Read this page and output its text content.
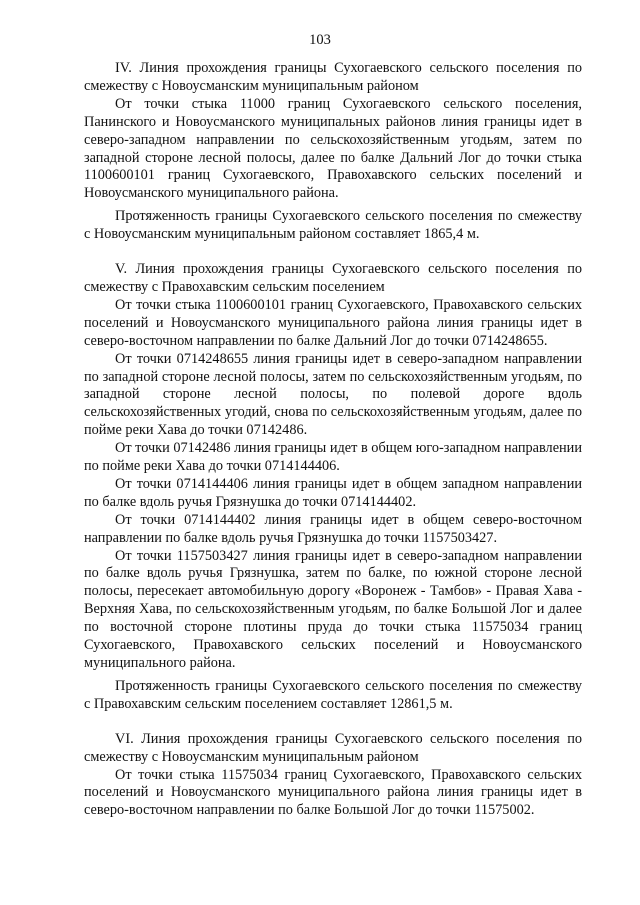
103

IV. Линия прохождения границы Сухогаевского сельского поселения по смежеству с Новоусманским муниципальным районом

От точки стыка 11000 границ Сухогаевского сельского поселения, Панинского и Новоусманского муниципальных районов линия границы идет в северо-западном направлении по сельскохозяйственным угодьям, затем по западной стороне лесной полосы, далее по балке Дальний Лог до точки стыка 1100600101 границ Сухогаевского, Правохавского сельских поселений и Новоусманского муниципального района.

Протяженность границы Сухогаевского сельского поселения по смежеству с Новоусманским муниципальным районом составляет 1865,4 м.

V. Линия прохождения границы Сухогаевского сельского поселения по смежеству с Правохавским сельским поселением

От точки стыка 1100600101 границ Сухогаевского, Правохавского сельских поселений и Новоусманского муниципального района линия границы идет в северо-восточном направлении по балке Дальний Лог до точки 0714248655.

От точки 0714248655 линия границы идет в северо-западном направлении по западной стороне лесной полосы, затем по сельскохозяйственным угодьям, по западной стороне лесной полосы, по полевой дороге вдоль сельскохозяйственных угодий, снова по сельскохозяйственным угодьям, далее по пойме реки Хава до точки 07142486.

От точки 07142486 линия границы идет в общем юго-западном направлении по пойме реки Хава до точки 0714144406.

От точки 0714144406 линия границы идет в общем западном направлении по балке вдоль ручья Грязнушка до точки 0714144402.

От точки 0714144402 линия границы идет в общем северо-восточном направлении по балке вдоль ручья Грязнушка до точки 1157503427.

От точки 1157503427 линия границы идет в северо-западном направлении по балке вдоль ручья Грязнушка, затем по балке, по южной стороне лесной полосы, пересекает автомобильную дорогу «Воронеж - Тамбов» - Правая Хава - Верхняя Хава, по сельскохозяйственным угодьям, по балке Большой Лог и далее по восточной стороне плотины пруда до точки стыка 11575034 границ Сухогаевского, Правохавского сельских поселений и Новоусманского муниципального района.

Протяженность границы Сухогаевского сельского поселения по смежеству с Правохавским сельским поселением составляет 12861,5 м.

VI. Линия прохождения границы Сухогаевского сельского поселения по смежеству с Новоусманским муниципальным районом

От точки стыка 11575034 границ Сухогаевского, Правохавского сельских поселений и Новоусманского муниципального района линия границы идет в северо-восточном направлении по балке Большой Лог до точки 11575002.
